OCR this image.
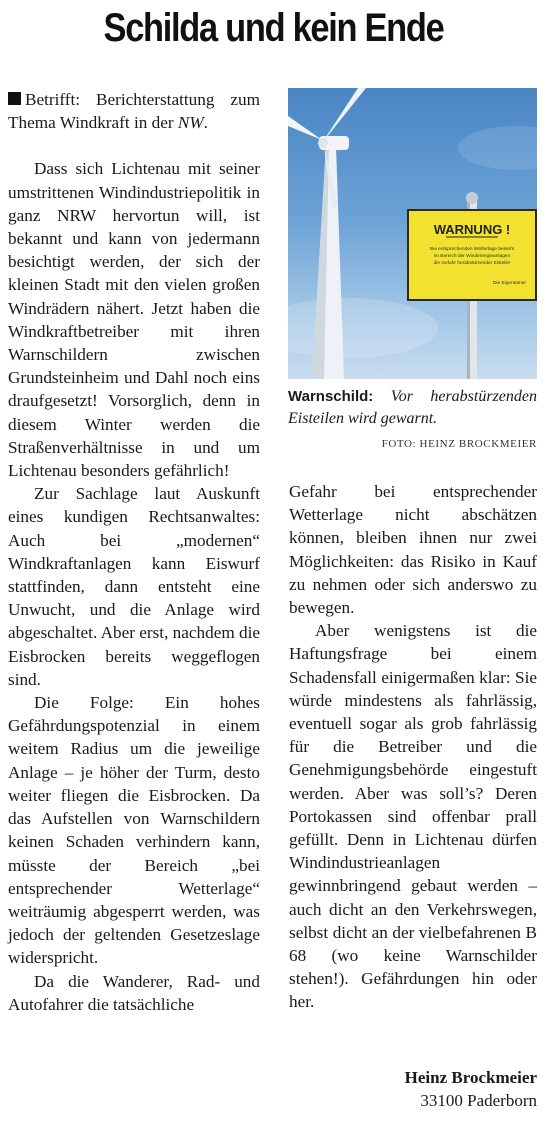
Schilda und kein Ende

Betrifft: Berichterstattung zum Thema Windkraft in der NW.

Dass sich Lichtenau mit seiner umstrittenen Windindustriepolitik in ganz NRW hervortun will, ist bekannt und kann von jedermann besichtigt werden, der sich der kleinen Stadt mit den vielen großen Windrädern nähert. Jetzt haben die Windkraftbetreiber mit ihren Warnschildern zwischen Grundsteinheim und Dahl noch eins draufgesetzt! Vorsorglich, denn in diesem Winter werden die Straßenverhältnisse in und um Lichtenau besonders gefährlich!

Zur Sachlage laut Auskunft eines kundigen Rechtsanwaltes: Auch bei „modernen“ Windkraftanlagen kann Eiswurf stattfinden, dann entsteht eine Unwucht, und die Anlage wird abgeschaltet. Aber erst, nachdem die Eisbrocken bereits weggeflogen sind.

Die Folge: Ein hohes Gefährdungspotenzial in einem weitem Radius um die jeweilige Anlage – je höher der Turm, desto weiter fliegen die Eisbrocken. Da das Aufstellen von Warnschildern keinen Schaden verhindern kann, müsste der Bereich „bei entsprechender Wetterlage“ weiträumig abgesperrt werden, was jedoch der geltenden Gesetzeslage widerspricht.

Da die Wanderer, Rad- und Autofahrer die tatsächliche

WARNUNG !
Bei entsprechenden Wetterlage besteht
im Bereich der Windenergieanlagen
die Gefahr herabstürzender Eisteile!
Die Eigentümer
Warnschild: Vor herabstürzenden Eisteilen wird gewarnt.
FOTO: HEINZ BROCKMEIER

Gefahr bei entsprechender Wetterlage nicht abschätzen können, bleiben ihnen nur zwei Möglichkeiten: das Risiko in Kauf zu nehmen oder sich anderswo zu bewegen.

Aber wenigstens ist die Haftungsfrage bei einem Schadensfall einigermaßen klar: Sie würde mindestens als fahrlässig, eventuell sogar als grob fahrlässig für die Betreiber und die Genehmigungsbehörde eingestuft werden. Aber was soll’s? Deren Portokassen sind offenbar prall gefüllt. Denn in Lichtenau dürfen Windindustrieanlagen gewinnbringend gebaut werden – auch dicht an den Verkehrswegen, selbst dicht an der vielbefahrenen B 68 (wo keine Warnschilder stehen!). Gefährdungen hin oder her.

Heinz Brockmeier
33100 Paderborn
